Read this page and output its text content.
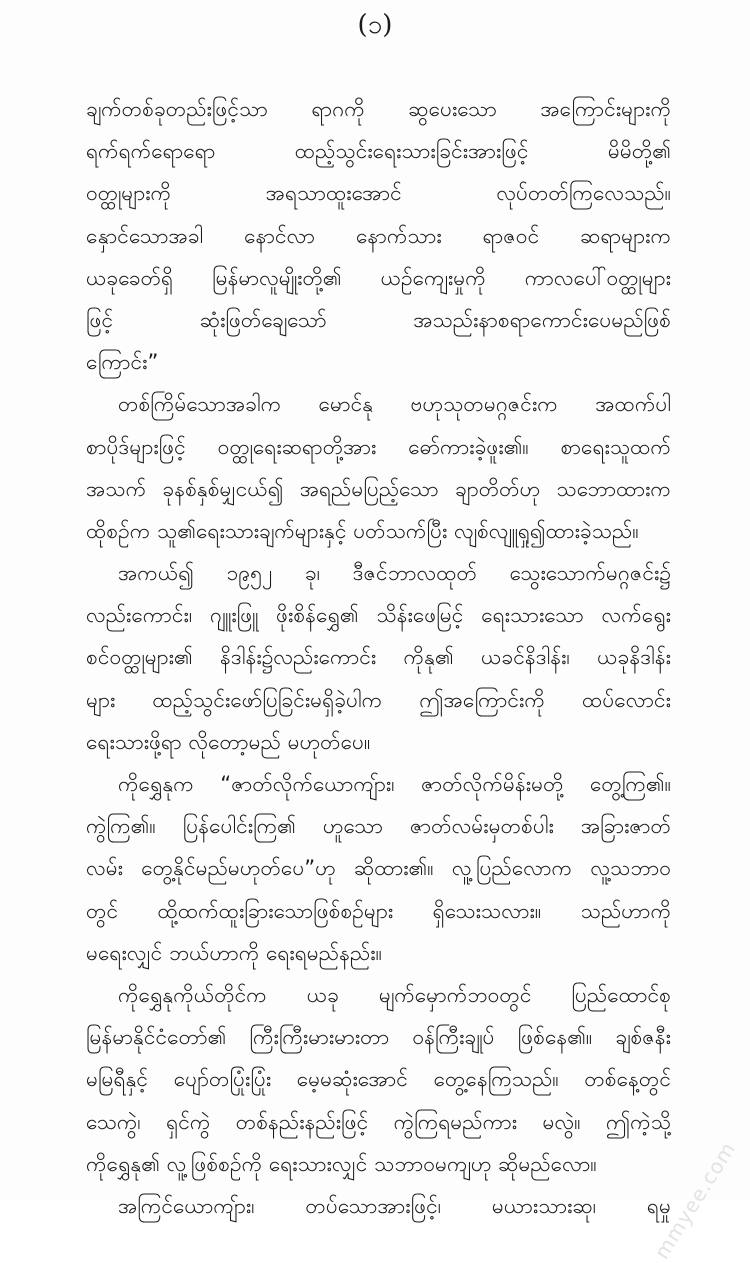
(၁)
ချက်တစ်ခုတည်းဖြင့်သာ ရာဂကို ဆွပေးသော အကြောင်းများကို
ရက်ရက်ရောရော ထည့်သွင်းရေးသားခြင်းအားဖြင့် မိမိတို့၏
ဝတ္ထုများကို အရသာထူးအောင် လုပ်တတ်ကြလေသည်။
နှောင်သောအခါ နောင်လာ နောက်သား ရာဇဝင် ဆရာများက
ယခုခေတ်ရှိ မြန်မာလူမျိုးတို့၏ ယဉ်ကျေးမှုကို ကာလပေါ်ဝတ္ထုများ
ဖြင့် ဆုံးဖြတ်ချေသော် အသည်းနာစရာကောင်းပေမည်ဖြစ်
ကြောင်း”
တစ်ကြိမ်သောအခါက မောင်နု ဗဟုသုတမဂ္ဂဇင်းက အထက်ပါ
စာပိုဒ်များဖြင့် ဝတ္ထုရေးဆရာတို့အား ဓော်ကားခဲ့ဖူး၏။ စာရေးသူထက်
အသက် ခုနစ်နှစ်မျှငယ်၍ အရည်မပြည့်သော ချာတိတ်ဟု သဘောထားက
ထိုစဉ်က သူ၏ရေးသားချက်များနှင့် ပတ်သက်ပြီး လျစ်လျူရှု၍ထားခဲ့သည်။
အကယ်၍ ၁၉၅၂ ခု၊ ဒီဇင်ဘာလထုတ် သွေးသောက်မဂ္ဂဇင်း၌
လည်းကောင်း၊ ဂျူးဖြူ ဖိုးစိန်ရွှေ၏ သိန်းဖေမြင့် ရေးသားသော လက်ရွေး
စင်ဝတ္ထုများ၏ နိဒါန်း၌လည်းကောင်း ကိုနု၏ ယခင်နိဒါန်း၊ ယခုနိဒါန်း
များ ထည့်သွင်းဖော်ပြခြင်းမရှိခဲ့ပါက ဤအကြောင်းကို ထပ်လောင်း
ရေးသားဖို့ရာ လိုတော့မည် မဟုတ်ပေ။
ကိုရွှေနုက “ဇာတ်လိုက်ယောကျ်ား၊ ဇာတ်လိုက်မိန်းမတို့ တွေ့ကြ၏။
ကွဲကြ၏။ ပြန်ပေါင်းကြ၏ ဟူသော ဇာတ်လမ်းမှတစ်ပါး အခြားဇာတ်
လမ်း တွေ့နိုင်မည်မဟုတ်ပေ”ဟု ဆိုထား၏။ လူ့ပြည်လောက လူ့သဘာဝ
တွင် ထို့ထက်ထူးခြားသောဖြစ်စဉ်များ ရှိသေးသလား။ သည်ဟာကို
မရေးလျှင် ဘယ်ဟာကို ရေးရမည်နည်း။
ကိုရွှေနုကိုယ်တိုင်က ယခု မျက်မှောက်ဘဝတွင် ပြည်ထောင်စု
မြန်မာနိုင်ငံတော်၏ ကြီးကြီးမားမားတာ ဝန်ကြီးချုပ် ဖြစ်နေ၏။ ချစ်ဇနီး
မမြရီနှင့် ပျော်တပြုံးပြုံး မေ့မဆုံးအောင် တွေ့နေကြသည်။ တစ်နေ့တွင်
သေကွဲ၊ ရှင်ကွဲ တစ်နည်းနည်းဖြင့် ကွဲကြရမည်ကား မလွဲ။ ဤကဲ့သို့
ကိုရွှေနု၏ လူ့ဖြစ်စဉ်ကို ရေးသားလျှင် သဘာဝမကျဟု ဆိုမည်လော။
အကြင်ယောကျ်ား၊ တပ်သောအားဖြင့်၊ မယားသားဆု၊ ရမှု
mmyee.com
